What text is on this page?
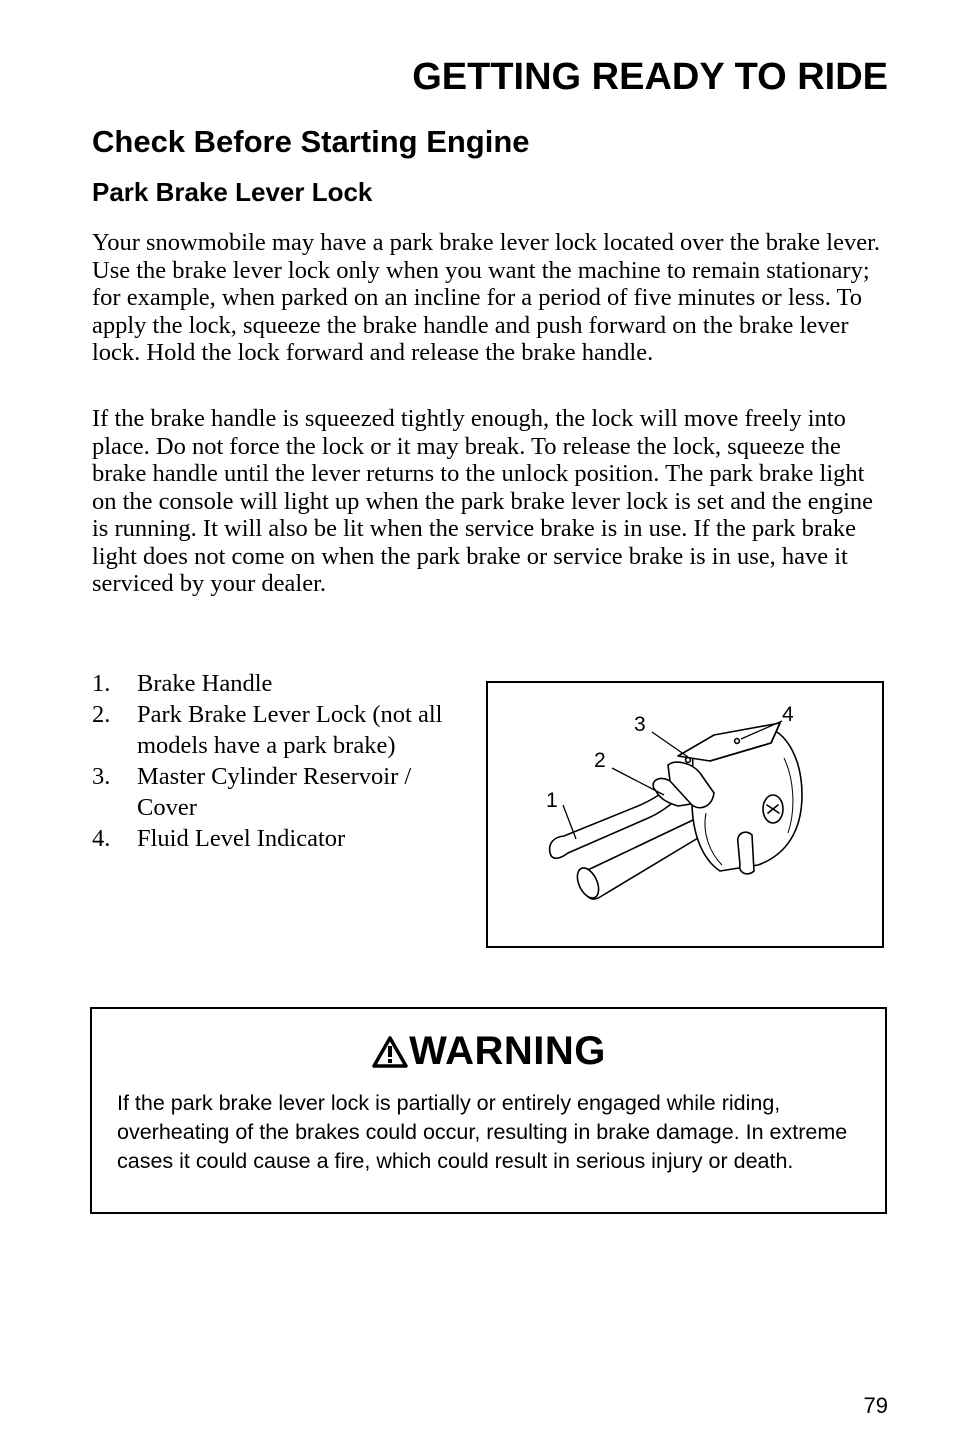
GETTING READY TO RIDE
Check Before Starting Engine
Park Brake Lever Lock

Your snowmobile may have a park brake lever lock located over the brake lever. Use the brake lever lock only when you want the machine to remain stationary; for example, when parked on an incline for a period of five minutes or less. To apply the lock, squeeze the brake handle and push forward on the brake lever lock. Hold the lock forward and release the brake handle.

If the brake handle is squeezed tightly enough, the lock will move freely into place. Do not force the lock or it may break. To release the lock, squeeze the brake handle until the lever returns to the unlock position. The park brake light on the console will light up when the park brake lever lock is set and the engine is running. It will also be lit when the service brake is in use. If the park brake light does not come on when the park brake or service brake is in use, have it serviced by your dealer.

1.	Brake Handle
2.	Park Brake Lever Lock (not all models have a park brake)
3.	Master Cylinder Reservoir / Cover
4.	Fluid Level Indicator
1
2
3	4
WARNING

If the park brake lever lock is partially or entirely engaged while riding, overheating of the brakes could occur, resulting in brake damage. In extreme cases it could cause a fire, which could result in serious injury or death.

79
